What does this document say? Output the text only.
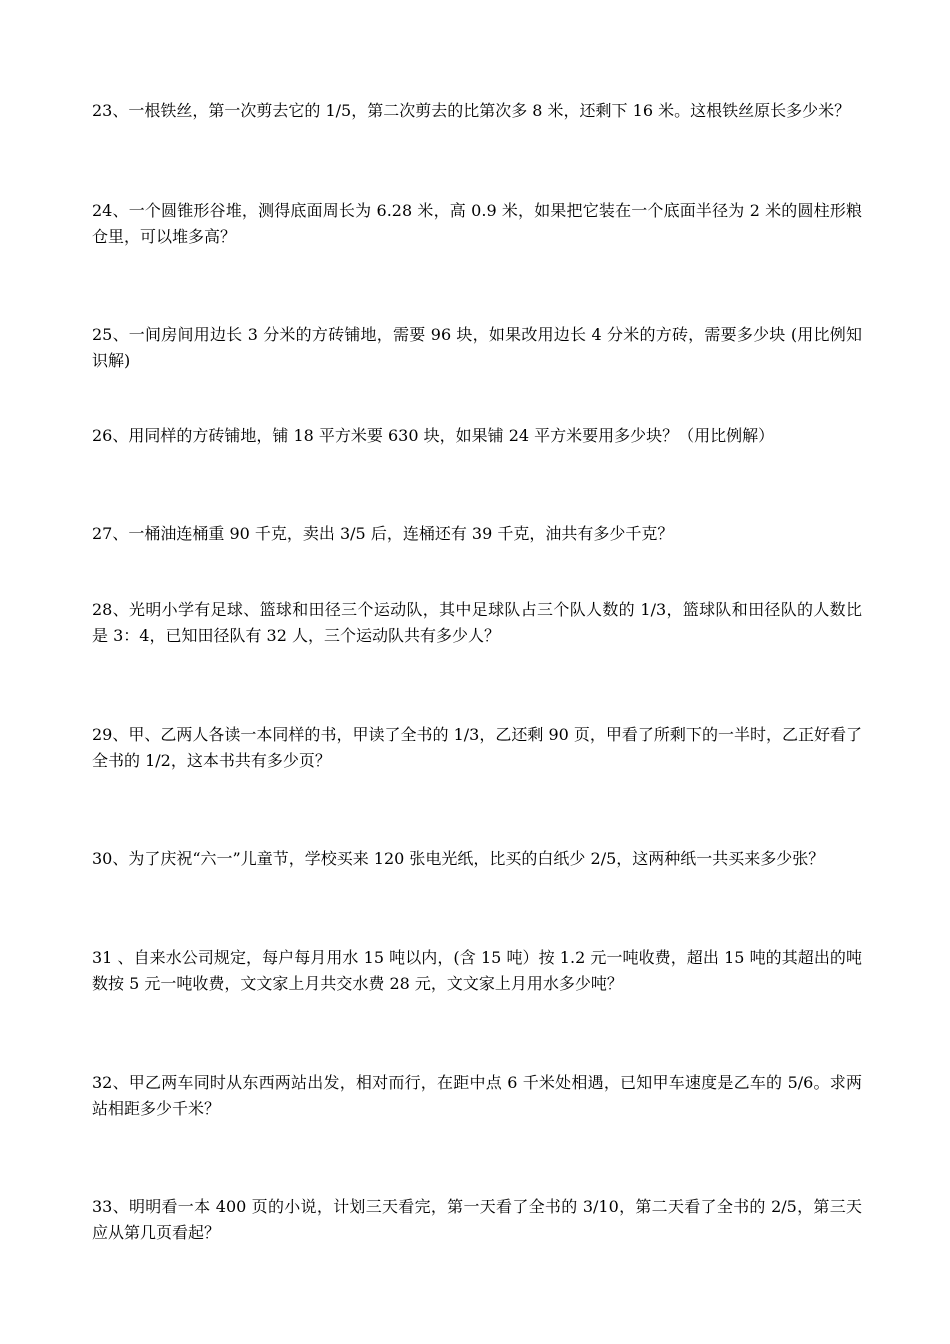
23、一根铁丝，第一次剪去它的 1/5，第二次剪去的比第次多 8 米，还剩下 16 米。这根铁丝原长多少米？

24、一个圆锥形谷堆，测得底面周长为 6.28 米，高 0.9 米，如果把它装在一个底面半径为 2 米的圆柱形粮仓里，可以堆多高？

25、一间房间用边长 3 分米的方砖铺地，需要 96 块，如果改用边长 4 分米的方砖，需要多少块 (用比例知识解)

26、用同样的方砖铺地，铺 18 平方米要 630 块，如果铺 24 平方米要用多少块？（用比例解）

27、一桶油连桶重 90 千克，卖出 3/5 后，连桶还有 39 千克，油共有多少千克？

28、光明小学有足球、篮球和田径三个运动队，其中足球队占三个队人数的 1/3，篮球队和田径队的人数比是 3：4，已知田径队有 32 人，三个运动队共有多少人？

29、甲、乙两人各读一本同样的书，甲读了全书的 1/3，乙还剩 90 页，甲看了所剩下的一半时，乙正好看了全书的 1/2，这本书共有多少页？

30、为了庆祝“六一”儿童节，学校买来 120 张电光纸，比买的白纸少 2/5，这两种纸一共买来多少张？

31 、自来水公司规定，每户每月用水 15 吨以内，(含 15 吨）按 1.2 元一吨收费，超出 15 吨的其超出的吨数按 5 元一吨收费，文文家上月共交水费 28 元，文文家上月用水多少吨？

32、甲乙两车同时从东西两站出发，相对而行，在距中点 6 千米处相遇，已知甲车速度是乙车的 5/6。求两站相距多少千米？

33、明明看一本 400 页的小说，计划三天看完，第一天看了全书的 3/10，第二天看了全书的 2/5，第三天应从第几页看起？
